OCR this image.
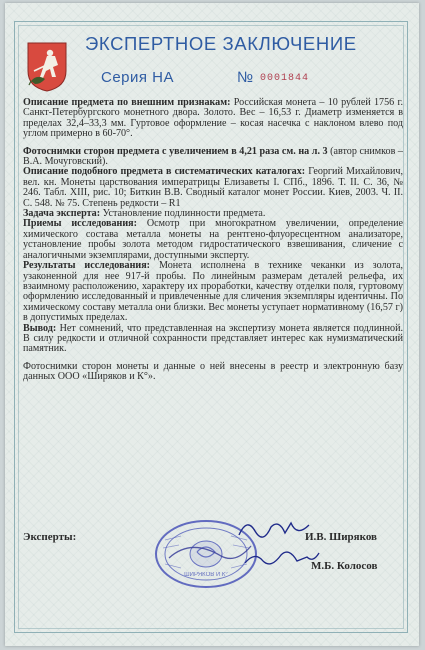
ЭКСПЕРТНОЕ ЗАКЛЮЧЕНИЕ
Серия НА	№ 0001844

Описание предмета по внешним признакам: Российская монета – 10 рублей 1756 г. Санкт-Петербургского монетного двора. Золото. Вес – 16,53 г. Диаметр изменяется в пределах 32,4–33,3 мм. Гуртовое оформление – косая насечка с наклоном влево под углом примерно в 60-70°.

Фотоснимки сторон предмета с увеличением в 4,21 раза см. на л. 3 (автор снимков – В.А. Мочуговский).

Описание подобного предмета в систематических каталогах: Георгий Михайлович, вел. кн. Монеты царствования императрицы Елизаветы I. СПб., 1896. Т. II. С. 36, № 246. Табл. XIII, рис. 10; Биткин В.В. Сводный каталог монет России. Киев, 2003. Ч. II. С. 548. № 75. Степень редкости – R1

Задача эксперта: Установление подлинности предмета.

Приемы исследования: Осмотр при многократном увеличении, определение химического состава металла монеты на рентгено-флуоресцентном анализаторе, установление пробы золота методом гидростатического взвешивания, сличение с аналогичными экземплярами, доступными эксперту.

Результаты исследования: Монета исполнена в технике чеканки из золота, узаконенной для нее 917-й пробы. По линейным размерам деталей рельефа, их взаимному расположению, характеру их проработки, качеству отделки поля, гуртовому оформлению исследованный и привлеченные для сличения экземпляры идентичны. По химическому составу металла они близки. Вес монеты уступает нормативному (16,57 г) в допустимых пределах.

Вывод: Нет сомнений, что представленная на экспертизу монета является подлинной. В силу редкости и отличной сохранности представляет интерес как нумизматический памятник.

Фотоснимки сторон монеты и данные о ней внесены в реестр и электронную базу данных ООО «Ширяков и К°».

Эксперты:
ШИРЯКОВ И К°
И.В. Ширяков
М.Б. Колосов
